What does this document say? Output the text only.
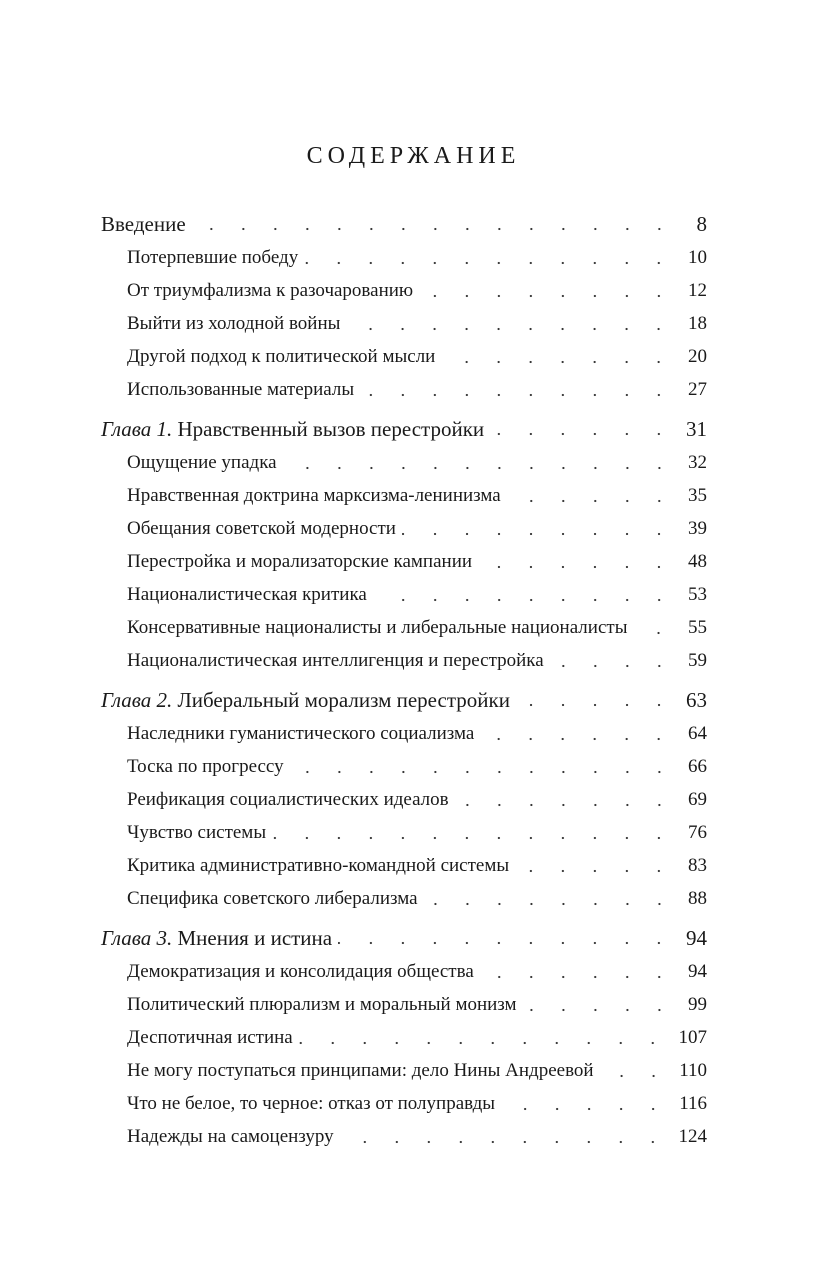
СОДЕРЖАНИЕ
Введение	8
Потерпевшие победу	10
От триумфализма к разочарованию	12
Выйти из холодной войны	18
Другой подход к политической мысли	20
Использованные материалы	27
Глава 1. Нравственный вызов перестройки	31
Ощущение упадка	32
Нравственная доктрина марксизма-ленинизма	35
Обещания советской модерности	39
Перестройка и морализаторские кампании	48
Националистическая критика	53
Консервативные националисты и либеральные националисты	55
Националистическая интеллигенция и перестройка	59
Глава 2. Либеральный морализм перестройки	63
Наследники гуманистического социализма	64
Тоска по прогрессу	66
Реификация социалистических идеалов	69
Чувство системы	76
Критика административно-командной системы	83
Специфика советского либерализма	88
Глава 3. Мнения и истина	94
Демократизация и консолидация общества	94
Политический плюрализм и моральный монизм	99
Деспотичная истина	107
Не могу поступаться принципами: дело Нины Андреевой	110
Что не белое, то черное: отказ от полуправды	116
Надежды на самоцензуру	124
